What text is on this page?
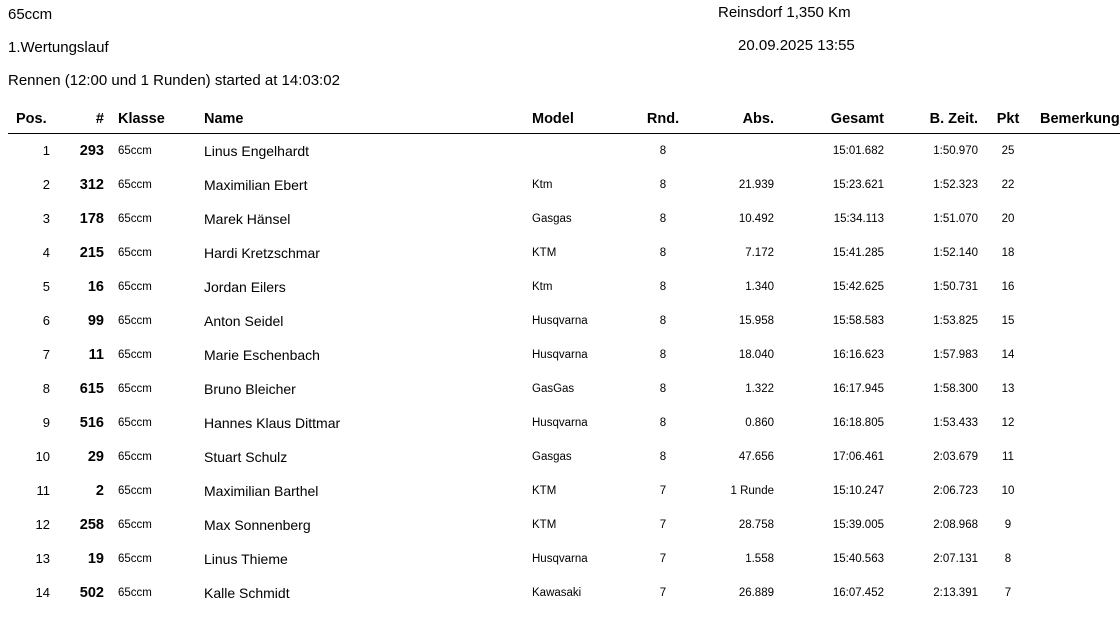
65ccm
1.Wertungslauf
Rennen (12:00 und 1 Runden) started at 14:03:02
Reinsdorf 1,350 Km
20.09.2025 13:55
Pos.	#	Klasse	Name	Model	Rnd.	Abs.	Gesamt	B. Zeit.	Pkt	Bemerkung
1	293	65ccm	Linus Engelhardt		8		15:01.682	1:50.970	25	
2	312	65ccm	Maximilian Ebert	Ktm	8	21.939	15:23.621	1:52.323	22	
3	178	65ccm	Marek Hänsel	Gasgas	8	10.492	15:34.113	1:51.070	20	
4	215	65ccm	Hardi Kretzschmar	KTM	8	7.172	15:41.285	1:52.140	18	
5	16	65ccm	Jordan Eilers	Ktm	8	1.340	15:42.625	1:50.731	16	
6	99	65ccm	Anton Seidel	Husqvarna	8	15.958	15:58.583	1:53.825	15	
7	11	65ccm	Marie Eschenbach	Husqvarna	8	18.040	16:16.623	1:57.983	14	
8	615	65ccm	Bruno Bleicher	GasGas	8	1.322	16:17.945	1:58.300	13	
9	516	65ccm	Hannes Klaus Dittmar	Husqvarna	8	0.860	16:18.805	1:53.433	12	
10	29	65ccm	Stuart Schulz	Gasgas	8	47.656	17:06.461	2:03.679	11	
11	2	65ccm	Maximilian Barthel	KTM	7	1 Runde	15:10.247	2:06.723	10	
12	258	65ccm	Max Sonnenberg	KTM	7	28.758	15:39.005	2:08.968	9	
13	19	65ccm	Linus Thieme	Husqvarna	7	1.558	15:40.563	2:07.131	8	
14	502	65ccm	Kalle Schmidt	Kawasaki	7	26.889	16:07.452	2:13.391	7	
